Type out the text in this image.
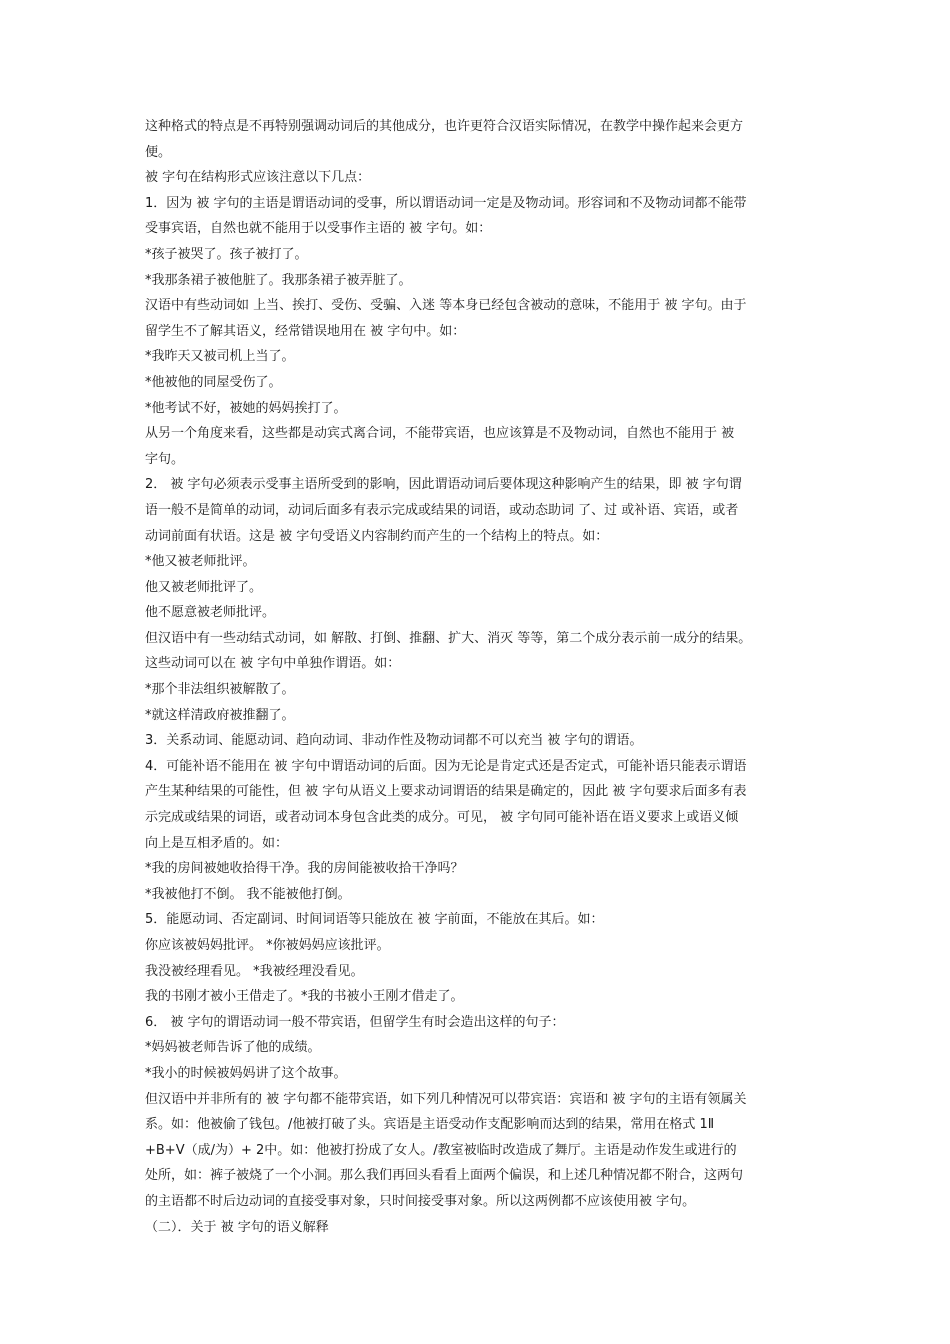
这种格式的特点是不再特别强调动词后的其他成分，也许更符合汉语实际情况，在教学中操作起来会更方
便。
被 字句在结构形式应该注意以下几点：
1．因为 被 字句的主语是谓语动词的受事，所以谓语动词一定是及物动词。形容词和不及物动词都不能带
受事宾语，自然也就不能用于以受事作主语的 被 字句。如：
*孩子被哭了。孩子被打了。
*我那条裙子被他脏了。我那条裙子被弄脏了。
汉语中有些动词如 上当、挨打、受伤、受骗、入迷 等本身已经包含被动的意味，不能用于 被 字句。由于
留学生不了解其语义，经常错误地用在 被 字句中。如：
*我昨天又被司机上当了。
*他被他的同屋受伤了。
*他考试不好，被她的妈妈挨打了。
从另一个角度来看，这些都是动宾式离合词，不能带宾语，也应该算是不及物动词，自然也不能用于 被
字句。
2． 被 字句必须表示受事主语所受到的影响，因此谓语动词后要体现这种影响产生的结果，即 被 字句谓
语一般不是简单的动词，动词后面多有表示完成或结果的词语，或动态助词 了、过 或补语、宾语，或者
动词前面有状语。这是 被 字句受语义内容制约而产生的一个结构上的特点。如：
*他又被老师批评。
他又被老师批评了。
他不愿意被老师批评。
但汉语中有一些动结式动词，如 解散、打倒、推翻、扩大、消灭 等等，第二个成分表示前一成分的结果。
这些动词可以在 被 字句中单独作谓语。如：
*那个非法组织被解散了。
*就这样清政府被推翻了。
3．关系动词、能愿动词、趋向动词、非动作性及物动词都不可以充当 被 字句的谓语。
4．可能补语不能用在 被 字句中谓语动词的后面。因为无论是肯定式还是否定式，可能补语只能表示谓语
产生某种结果的可能性，但 被 字句从语义上要求动词谓语的结果是确定的，因此 被 字句要求后面多有表
示完成或结果的词语，或者动词本身包含此类的成分。可见， 被 字句同可能补语在语义要求上或语义倾
向上是互相矛盾的。如：
*我的房间被她收拾得干净。我的房间能被收拾干净吗？
*我被他打不倒。 我不能被他打倒。
5．能愿动词、否定副词、时间词语等只能放在 被 字前面，不能放在其后。如：
你应该被妈妈批评。 *你被妈妈应该批评。
我没被经理看见。 *我被经理没看见。
我的书刚才被小王借走了。*我的书被小王刚才借走了。
6． 被 字句的谓语动词一般不带宾语，但留学生有时会造出这样的句子：
*妈妈被老师告诉了他的成绩。
*我小的时候被妈妈讲了这个故事。
但汉语中并非所有的 被 字句都不能带宾语，如下列几种情况可以带宾语：宾语和 被 字句的主语有领属关
系。如：他被偷了钱包。/他被打破了头。宾语是主语受动作支配影响而达到的结果，常用在格式 1Ⅱ
+B+V（成/为）+ 2中。如：他被打扮成了女人。/教室被临时改造成了舞厅。主语是动作发生或进行的
处所，如：裤子被烧了一个小洞。那么我们再回头看看上面两个偏误，和上述几种情况都不附合，这两句
的主语都不时后边动词的直接受事对象，只时间接受事对象。所以这两例都不应该使用被 字句。
（二）．关于 被 字句的语义解释
